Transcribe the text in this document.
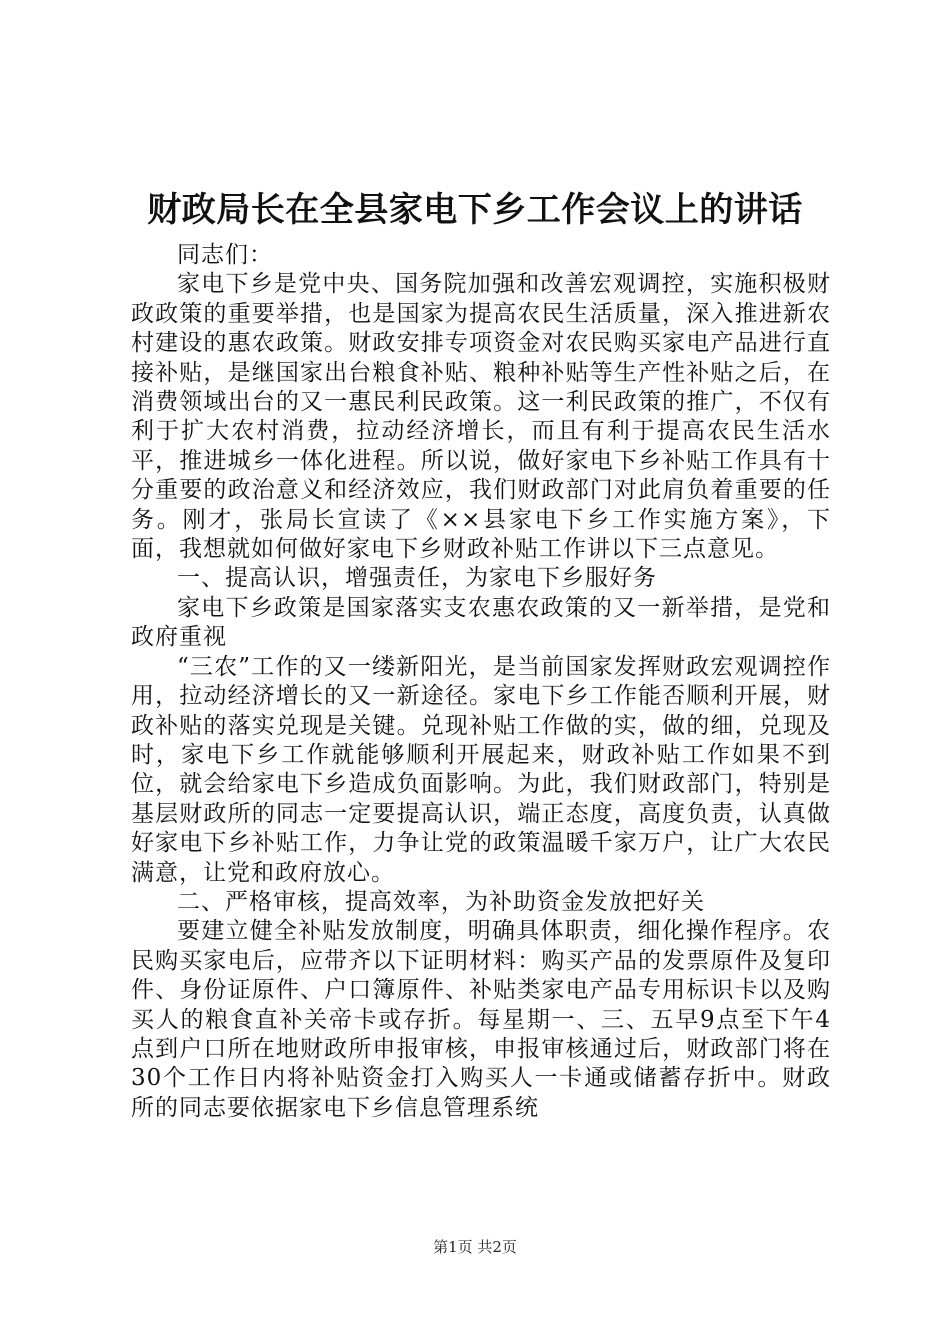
财政局长在全县家电下乡工作会议上的讲话

同志们：

家电下乡是党中央、国务院加强和改善宏观调控，实施积极财政政策的重要举措，也是国家为提高农民生活质量，深入推进新农村建设的惠农政策。财政安排专项资金对农民购买家电产品进行直接补贴，是继国家出台粮食补贴、粮种补贴等生产性补贴之后，在消费领域出台的又一惠民利民政策。这一利民政策的推广，不仅有利于扩大农村消费，拉动经济增长，而且有利于提高农民生活水平，推进城乡一体化进程。所以说，做好家电下乡补贴工作具有十分重要的政治意义和经济效应，我们财政部门对此肩负着重要的任务。刚才，张局长宣读了《××县家电下乡工作实施方案》，下面，我想就如何做好家电下乡财政补贴工作讲以下三点意见。

一、提高认识，增强责任，为家电下乡服好务

家电下乡政策是国家落实支农惠农政策的又一新举措，是党和政府重视

“三农”工作的又一缕新阳光，是当前国家发挥财政宏观调控作用，拉动经济增长的又一新途径。家电下乡工作能否顺利开展，财政补贴的落实兑现是关键。兑现补贴工作做的实，做的细，兑现及时，家电下乡工作就能够顺利开展起来，财政补贴工作如果不到位，就会给家电下乡造成负面影响。为此，我们财政部门，特别是基层财政所的同志一定要提高认识，端正态度，高度负责，认真做好家电下乡补贴工作，力争让党的政策温暖千家万户，让广大农民满意，让党和政府放心。

二、严格审核，提高效率，为补助资金发放把好关

要建立健全补贴发放制度，明确具体职责，细化操作程序。农民购买家电后，应带齐以下证明材料：购买产品的发票原件及复印件、身份证原件、户口簿原件、补贴类家电产品专用标识卡以及购买人的粮食直补关帝卡或存折。每星期一、三、五早9点至下午4点到户口所在地财政所申报审核，申报审核通过后，财政部门将在30个工作日内将补贴资金打入购买人一卡通或储蓄存折中。财政所的同志要依据家电下乡信息管理系统

第1页 共2页
